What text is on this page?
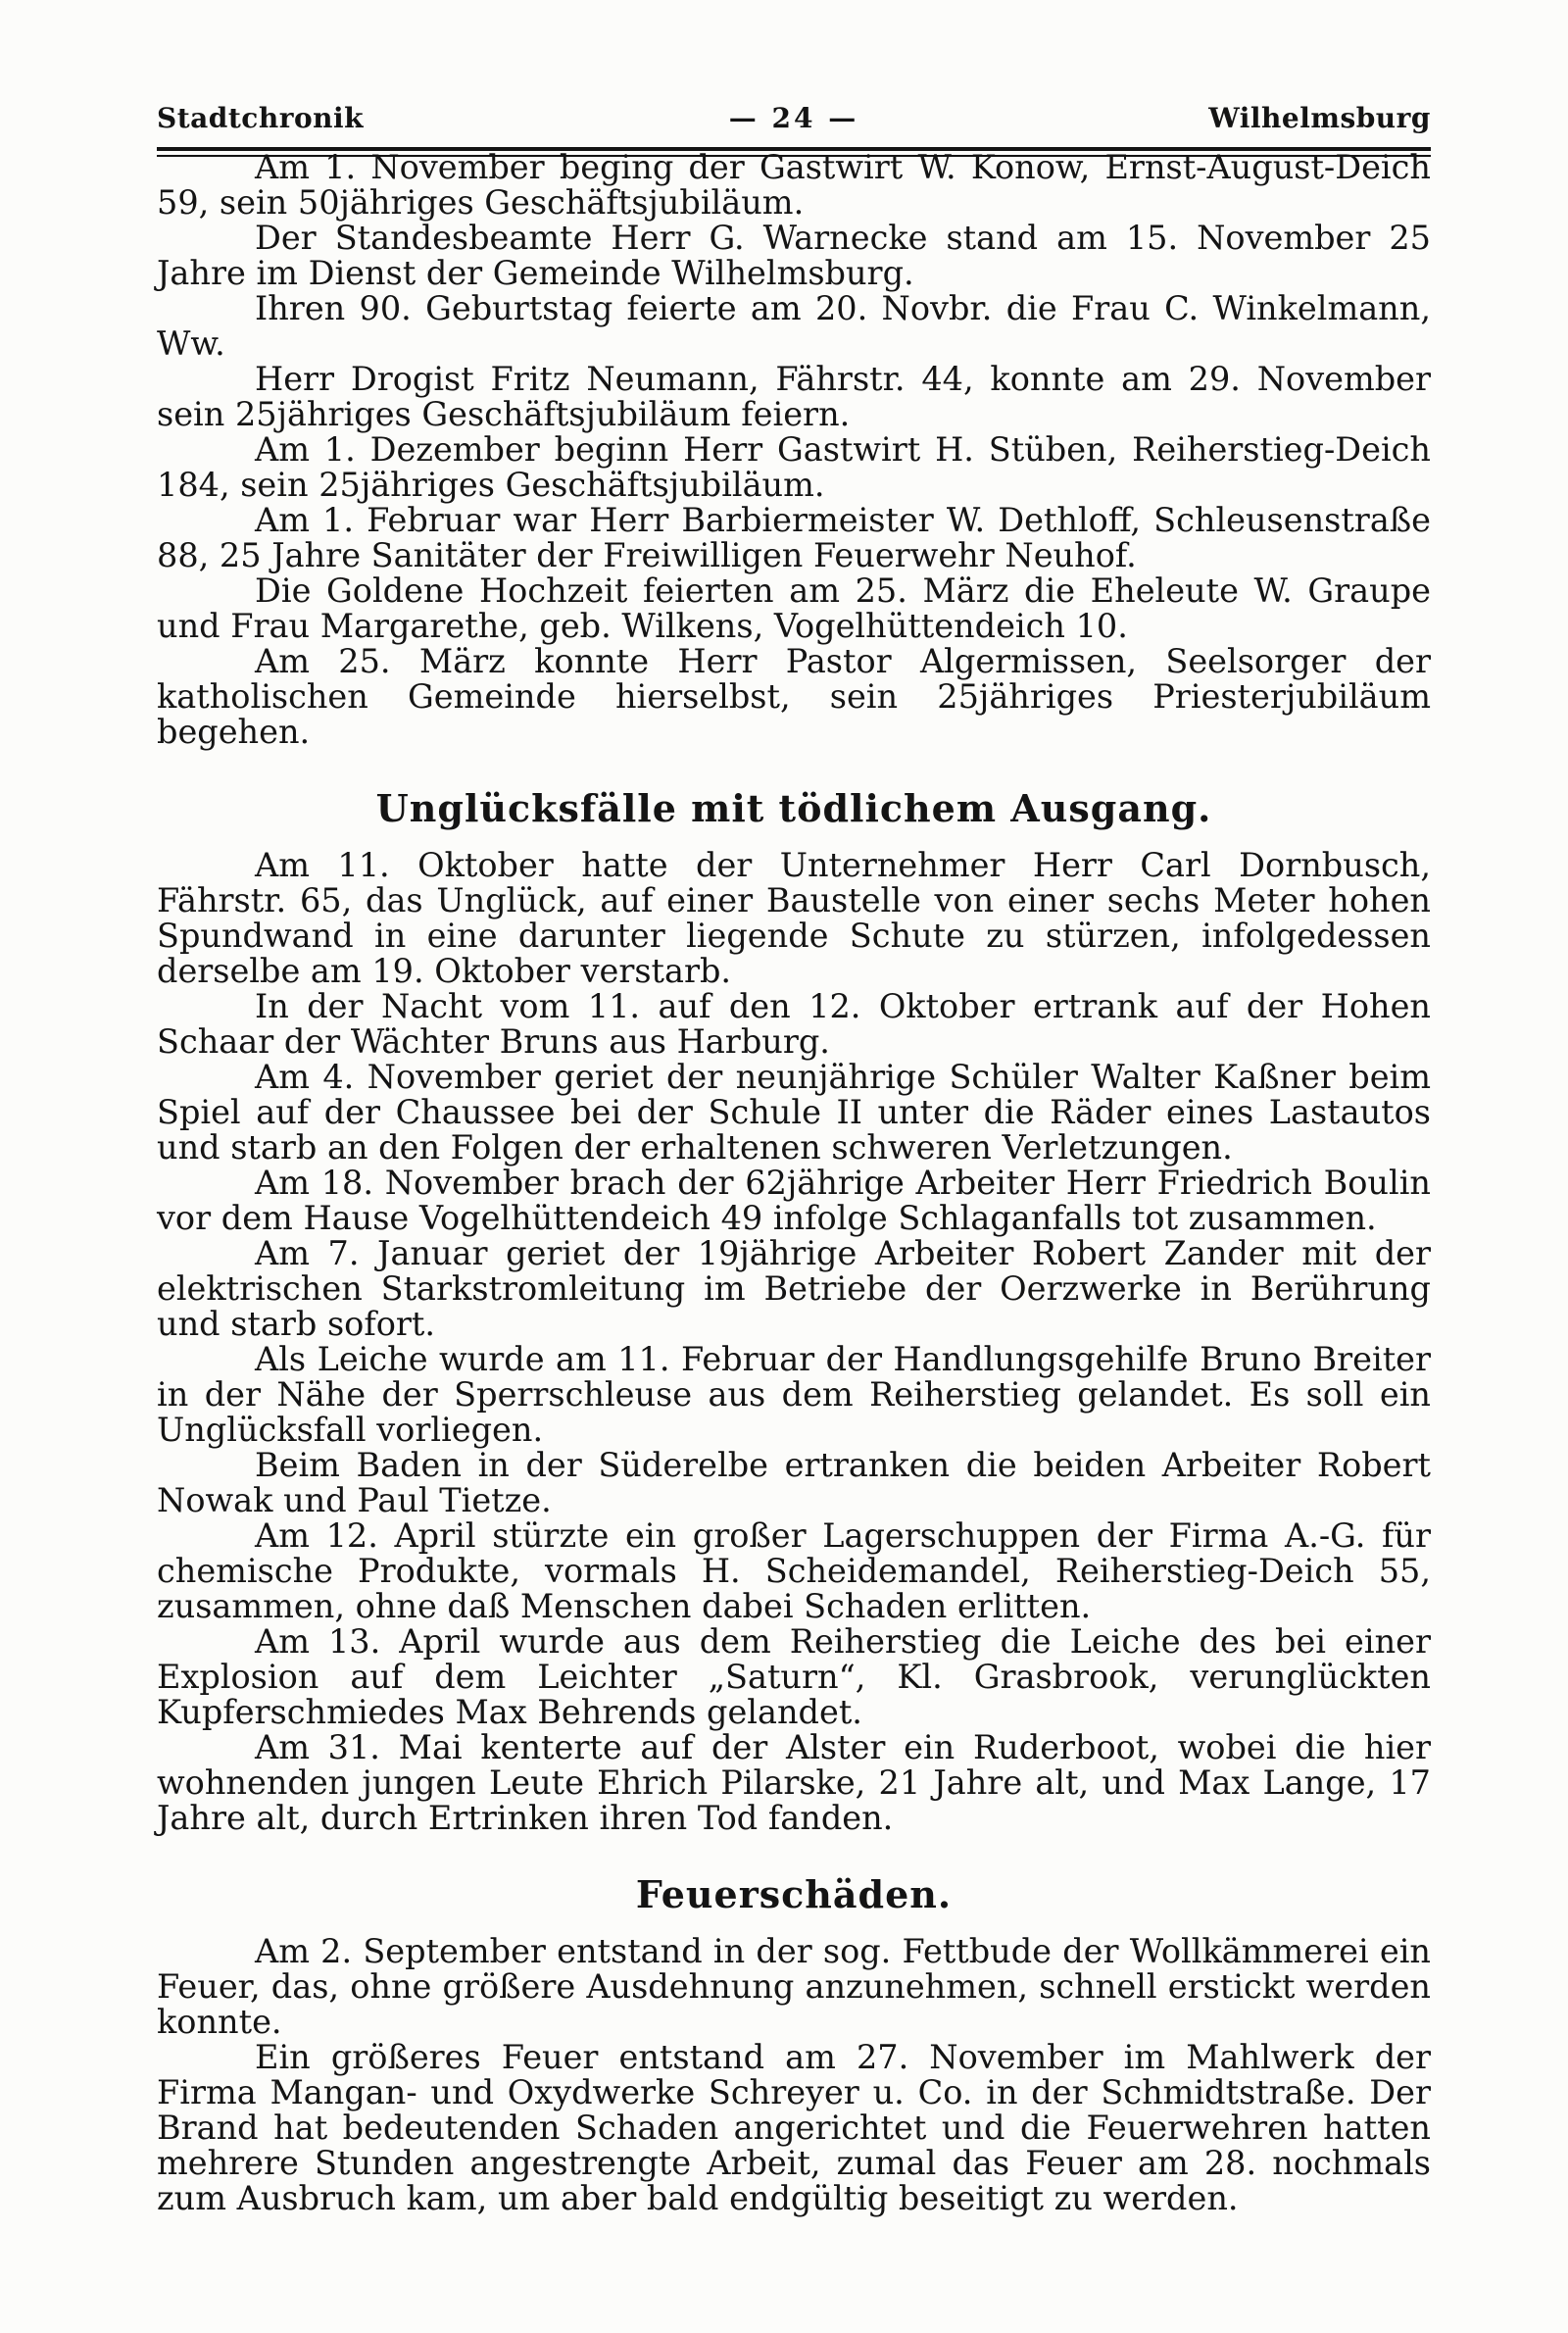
Stadtchronik	— 24 —	Wilhelmsburg

Am 1. November beging der Gastwirt W. Konow, Ernst-August-Deich 59, sein 50jähriges Geschäftsjubiläum.

Der Standesbeamte Herr G. Warnecke stand am 15. November 25 Jahre im Dienst der Gemeinde Wilhelmsburg.

Ihren 90. Geburtstag feierte am 20. Novbr. die Frau C. Winkelmann, Ww.

Herr Drogist Fritz Neumann, Fährstr. 44, konnte am 29. November sein 25jähriges Geschäftsjubiläum feiern.

Am 1. Dezember beginn Herr Gastwirt H. Stüben, Reiherstieg-Deich 184, sein 25jähriges Geschäftsjubiläum.

Am 1. Februar war Herr Barbiermeister W. Dethloff, Schleusenstraße 88, 25 Jahre Sanitäter der Freiwilligen Feuerwehr Neuhof.

Die Goldene Hochzeit feierten am 25. März die Eheleute W. Graupe und Frau Margarethe, geb. Wilkens, Vogelhüttendeich 10.

Am 25. März konnte Herr Pastor Algermissen, Seelsorger der katholischen Gemeinde hierselbst, sein 25jähriges Priesterjubiläum begehen.

Unglücksfälle mit tödlichem Ausgang.

Am 11. Oktober hatte der Unternehmer Herr Carl Dornbusch, Fährstr. 65, das Unglück, auf einer Baustelle von einer sechs Meter hohen Spundwand in eine darunter liegende Schute zu stürzen, infolgedessen derselbe am 19. Oktober verstarb.

In der Nacht vom 11. auf den 12. Oktober ertrank auf der Hohen Schaar der Wächter Bruns aus Harburg.

Am 4. November geriet der neunjährige Schüler Walter Kaßner beim Spiel auf der Chaussee bei der Schule II unter die Räder eines Lastautos und starb an den Folgen der erhaltenen schweren Verletzungen.

Am 18. November brach der 62jährige Arbeiter Herr Friedrich Boulin vor dem Hause Vogelhüttendeich 49 infolge Schlaganfalls tot zusammen.

Am 7. Januar geriet der 19jährige Arbeiter Robert Zander mit der elektrischen Starkstromleitung im Betriebe der Oerzwerke in Berührung und starb sofort.

Als Leiche wurde am 11. Februar der Handlungsgehilfe Bruno Breiter in der Nähe der Sperrschleuse aus dem Reiherstieg gelandet. Es soll ein Unglücksfall vorliegen.

Beim Baden in der Süderelbe ertranken die beiden Arbeiter Robert Nowak und Paul Tietze.

Am 12. April stürzte ein großer Lagerschuppen der Firma A.-G. für chemische Produkte, vormals H. Scheidemandel, Reiherstieg-Deich 55, zusammen, ohne daß Menschen dabei Schaden erlitten.

Am 13. April wurde aus dem Reiherstieg die Leiche des bei einer Explosion auf dem Leichter „Saturn“, Kl. Grasbrook, verunglückten Kupferschmiedes Max Behrends gelandet.

Am 31. Mai kenterte auf der Alster ein Ruderboot, wobei die hier wohnenden jungen Leute Ehrich Pilarske, 21 Jahre alt, und Max Lange, 17 Jahre alt, durch Ertrinken ihren Tod fanden.

Feuerschäden.

Am 2. September entstand in der sog. Fettbude der Wollkämmerei ein Feuer, das, ohne größere Ausdehnung anzunehmen, schnell erstickt werden konnte.

Ein größeres Feuer entstand am 27. November im Mahlwerk der Firma Mangan- und Oxydwerke Schreyer u. Co. in der Schmidtstraße. Der Brand hat bedeutenden Schaden angerichtet und die Feuerwehren hatten mehrere Stunden angestrengte Arbeit, zumal das Feuer am 28. nochmals zum Ausbruch kam, um aber bald endgültig beseitigt zu werden.
